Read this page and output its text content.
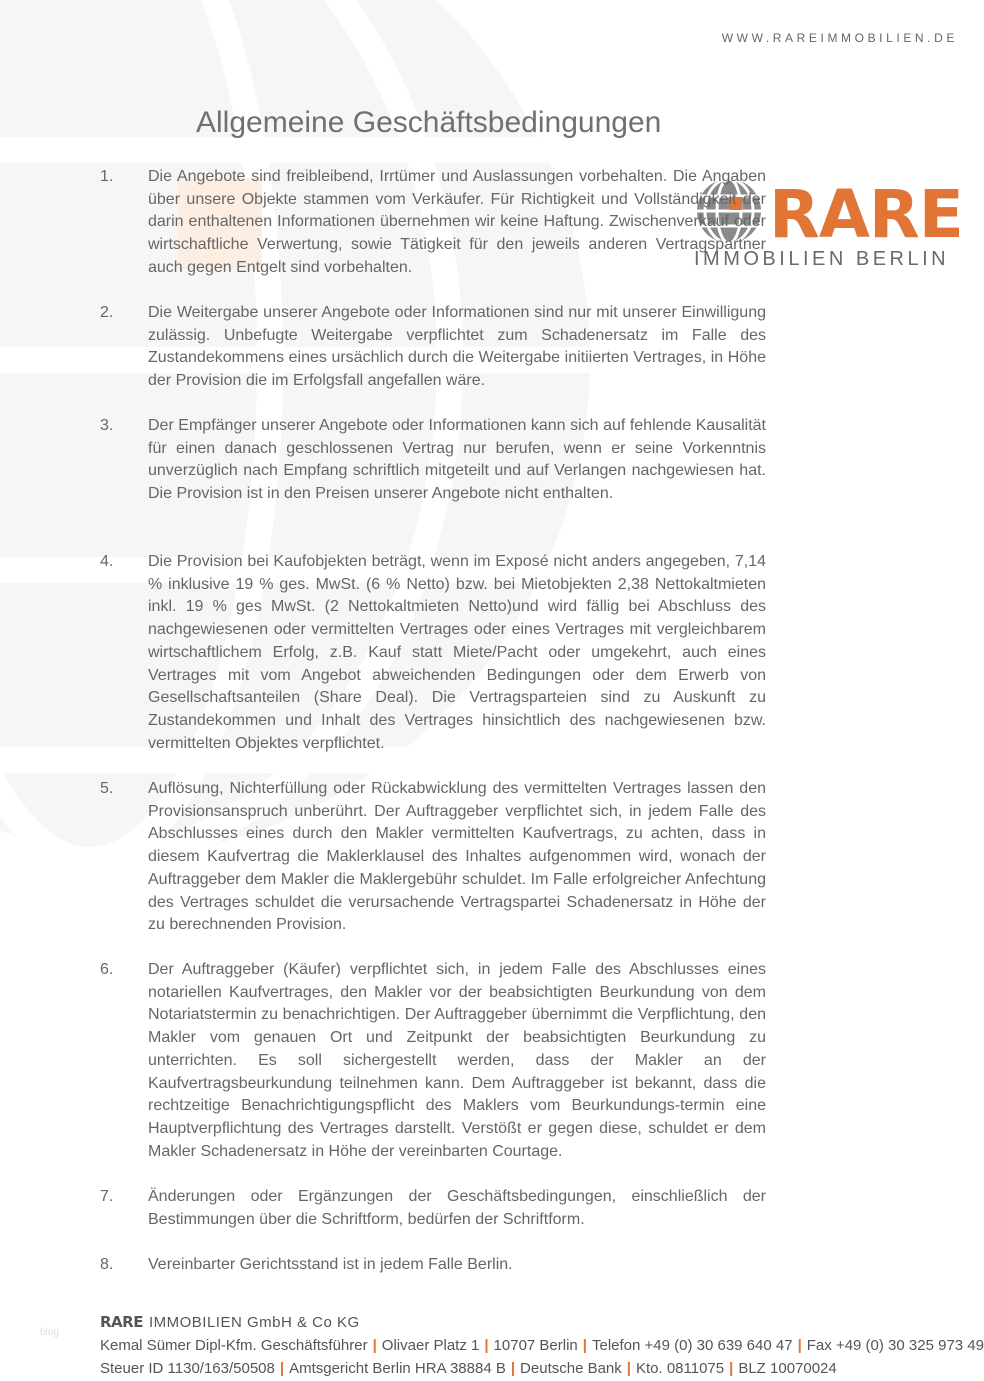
WWW.RAREIMMOBILIEN.DE
Allgemeine Geschäftsbedingungen
RARE
IMMOBILIEN BERLIN
1. Die Angebote sind freibleibend, Irrtümer und Auslassungen vorbehalten. Die Angaben über unsere Objekte stammen vom Verkäufer. Für Richtigkeit und Vollständigkeit der darin enthaltenen Informationen übernehmen wir keine Haftung. Zwischenverkauf oder wirtschaftliche Verwertung, sowie Tätigkeit für den jeweils anderen Vertragspartner auch gegen Entgelt sind vorbehalten.
2. Die Weitergabe unserer Angebote oder Informationen sind nur mit unserer Einwilligung zulässig. Unbefugte Weitergabe verpflichtet zum Schadenersatz im Falle des Zustandekommens eines ursächlich durch die Weitergabe initiierten Vertrages, in Höhe der Provision die im Erfolgsfall angefallen wäre.
3. Der Empfänger unserer Angebote oder Informationen kann sich auf fehlende Kausalität für einen danach geschlossenen Vertrag nur berufen, wenn er seine Vorkenntnis unverzüglich nach Empfang schriftlich mitgeteilt und auf Verlangen nachgewiesen hat. Die Provision ist in den Preisen unserer Angebote nicht enthalten.
4. Die Provision bei Kaufobjekten beträgt, wenn im Exposé nicht anders angegeben, 7,14 % inklusive 19 % ges. MwSt. (6 % Netto) bzw. bei Mietobjekten 2,38 Nettokaltmieten inkl. 19 % ges MwSt. (2 Nettokaltmieten Netto)und wird fällig bei Abschluss des nachgewiesenen oder vermittelten Vertrages oder eines Vertrages mit vergleichbarem wirtschaftlichem Erfolg, z.B. Kauf statt Miete/Pacht oder umgekehrt, auch eines Vertrages mit vom Angebot abweichenden Bedingungen oder dem Erwerb von Gesellschaftsanteilen (Share Deal). Die Vertragsparteien sind zu Auskunft zu Zustandekommen und Inhalt des Vertrages hinsichtlich des nachgewiesenen bzw. vermittelten Objektes verpflichtet.
5. Auflösung, Nichterfüllung oder Rückabwicklung des vermittelten Vertrages lassen den Provisionsanspruch unberührt. Der Auftraggeber verpflichtet sich, in jedem Falle des Abschlusses eines durch den Makler vermittelten Kaufvertrags, zu achten, dass in diesem Kaufvertrag die Maklerklausel des Inhaltes aufgenommen wird, wonach der Auftraggeber dem Makler die Maklergebühr schuldet. Im Falle erfolgreicher Anfechtung des Vertrages schuldet die verursachende Vertragspartei Schadenersatz in Höhe der zu berechnenden Provision.
6. Der Auftraggeber (Käufer) verpflichtet sich, in jedem Falle des Abschlusses eines notariellen Kaufvertrages, den Makler vor der beabsichtigten Beurkundung von dem Notariatstermin zu benachrichtigen. Der Auftraggeber übernimmt die Verpflichtung, den Makler vom genauen Ort und Zeitpunkt der beabsichtigten Beurkundung zu unterrichten. Es soll sichergestellt werden, dass der Makler an der Kaufvertragsbeurkundung teilnehmen kann. Dem Auftraggeber ist bekannt, dass die rechtzeitige Benachrichtigungspflicht des Maklers vom Beurkundungs-termin eine Hauptverpflichtung des Vertrages darstellt. Verstößt er gegen diese, schuldet er dem Makler Schadenersatz in Höhe der vereinbarten Courtage.
7. Änderungen oder Ergänzungen der Geschäftsbedingungen, einschließlich der Bestimmungen über die Schriftform, bedürfen der Schriftform.
8. Vereinbarter Gerichtsstand ist in jedem Falle Berlin.
blog
RARE IMMOBILIEN GmbH & Co KG
Kemal Sümer Dipl-Kfm. Geschäftsführer | Olivaer Platz 1 | 10707 Berlin | Telefon +49 (0) 30 639 640 47 | Fax +49 (0) 30 325 973 49
Steuer ID 1130/163/50508 | Amtsgericht Berlin HRA 38884 B | Deutsche Bank | Kto. 0811075 | BLZ 10070024
